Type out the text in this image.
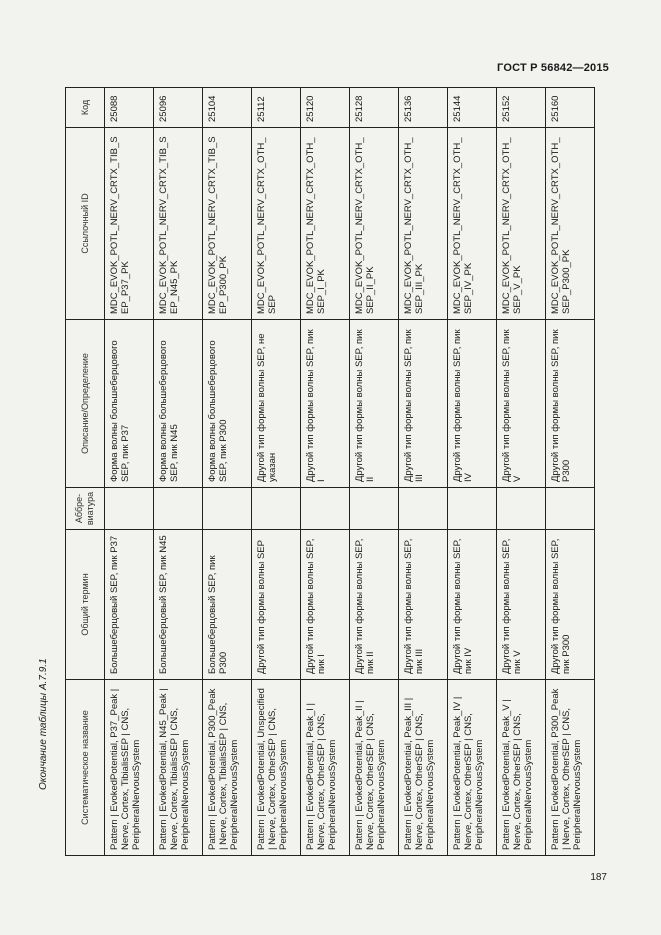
ГОСТ Р 56842—2015
Окончание таблицы А.7.9.1	Систематическое название	Общий термин	Аббре-виатура	Описание/Определение	Ссылочный ID	Код
Pattern | EvokedPotential, P37_Peak | Nerve, Cortex, TibialisSEP | CNS, PeripheralNervousSystem	Большеберцовый SEP, пик P37		Форма волны большеберцового SEP, пик P37	MDC_EVOK_POTL_NERV_CRTX_TIB_SEP_P37_PK	25088
Pattern | EvokedPotential, N45_Peak | Nerve, Cortex, TibialisSEP | CNS, PeripheralNervousSystem	Большеберцовый SEP, пик N45		Форма волны большеберцового SEP, пик N45	MDC_EVOK_POTL_NERV_CRTX_TIB_SEP_N45_PK	25096
Pattern | EvokedPotential, P300_Peak | Nerve, Cortex, TibialisSEP | CNS, PeripheralNervousSystem	Большеберцовый SEP, пик P300		Форма волны большеберцового SEP, пик P300	MDC_EVOK_POTL_NERV_CRTX_TIB_SEP_P300_PK	25104
Pattern | EvokedPotential, Unspecified | Nerve, Cortex, OtherSEP | CNS, PeripheralNervousSystem	Другой тип формы волны SEP		Другой тип формы волны SEP, не указан	MDC_EVOK_POTL_NERV_CRTX_OTH_SEP	25112
Pattern | EvokedPotential, Peak_I | Nerve, Cortex, OtherSEP | CNS, PeripheralNervousSystem	Другой тип формы волны SEP, пик I		Другой тип формы волны SEP, пик I	MDC_EVOK_POTL_NERV_CRTX_OTH_SEP_I_PK	25120
Pattern | EvokedPotential, Peak_II | Nerve, Cortex, OtherSEP | CNS, PeripheralNervousSystem	Другой тип формы волны SEP, пик II		Другой тип формы волны SEP, пик II	MDC_EVOK_POTL_NERV_CRTX_OTH_SEP_II_PK	25128
Pattern | EvokedPotential, Peak_III | Nerve, Cortex, OtherSEP | CNS, PeripheralNervousSystem	Другой тип формы волны SEP, пик III		Другой тип формы волны SEP, пик III	MDC_EVOK_POTL_NERV_CRTX_OTH_SEP_III_PK	25136
Pattern | EvokedPotential, Peak_IV | Nerve, Cortex, OtherSEP | CNS, PeripheralNervousSystem	Другой тип формы волны SEP, пик IV		Другой тип формы волны SEP, пик IV	MDC_EVOK_POTL_NERV_CRTX_OTH_SEP_IV_PK	25144
Pattern | EvokedPotential, Peak_V | Nerve, Cortex, OtherSEP | CNS, PeripheralNervousSystem	Другой тип формы волны SEP, пик V		Другой тип формы волны SEP, пик V	MDC_EVOK_POTL_NERV_CRTX_OTH_SEP_V_PK	25152
Pattern | EvokedPotential, P300_Peak | Nerve, Cortex, OtherSEP | CNS, PeripheralNervousSystem	Другой тип формы волны SEP, пик P300		Другой тип формы волны SEP, пик P300	MDC_EVOK_POTL_NERV_CRTX_OTH_SEP_P300_PK	25160
187
